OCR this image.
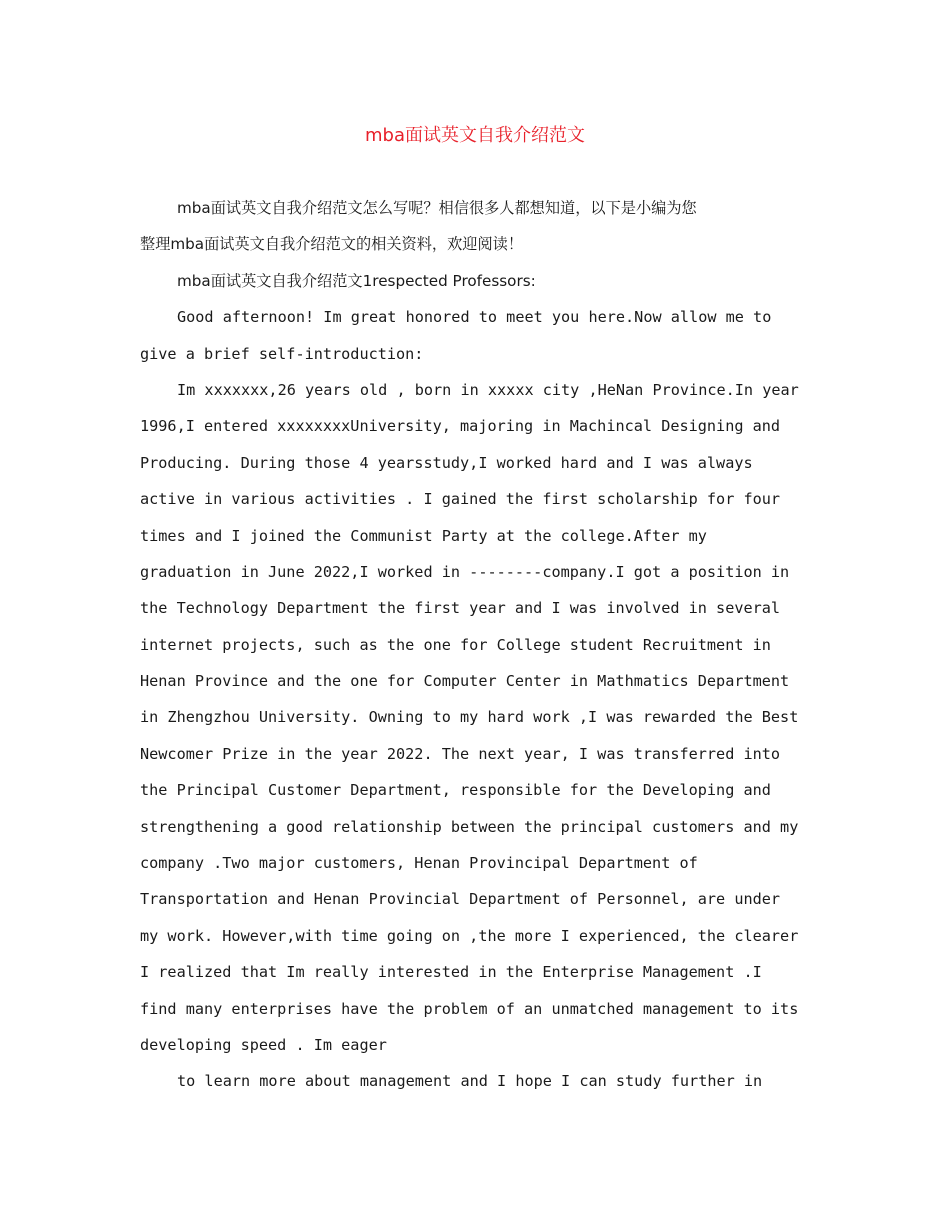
mba面试英文自我介绍范文
mba面试英文自我介绍范文怎么写呢？相信很多人都想知道，以下是小编为您
整理mba面试英文自我介绍范文的相关资料，欢迎阅读！
mba面试英文自我介绍范文1respected Professors:
Good afternoon! Im great honored to meet you here.Now allow me to
give a brief self-introduction:
Im xxxxxxx,26 years old , born in xxxxx city ,HeNan Province.In year
1996,I entered xxxxxxxxUniversity, majoring in Machincal Designing and
Producing. During those 4 yearsstudy,I worked hard and I was always
active in various activities . I gained the first scholarship for four
times and I joined the Communist Party at the college.After my
graduation in June 2022,I worked in --------company.I got a position in
the Technology Department the first year and I was involved in several
internet projects, such as the one for College student Recruitment in
Henan Province and the one for Computer Center in Mathmatics Department
in Zhengzhou University. Owning to my hard work ,I was rewarded the Best
Newcomer Prize in the year 2022. The next year, I was transferred into
the Principal Customer Department, responsible for the Developing and
strengthening a good relationship between the principal customers and my
company .Two major customers, Henan Provincipal Department of
Transportation and Henan Provincial Department of Personnel, are under
my work. However,with time going on ,the more I experienced, the clearer
I realized that Im really interested in the Enterprise Management .I
find many enterprises have the problem of an unmatched management to its
developing speed . Im eager
to learn more about management and I hope I can study further in
